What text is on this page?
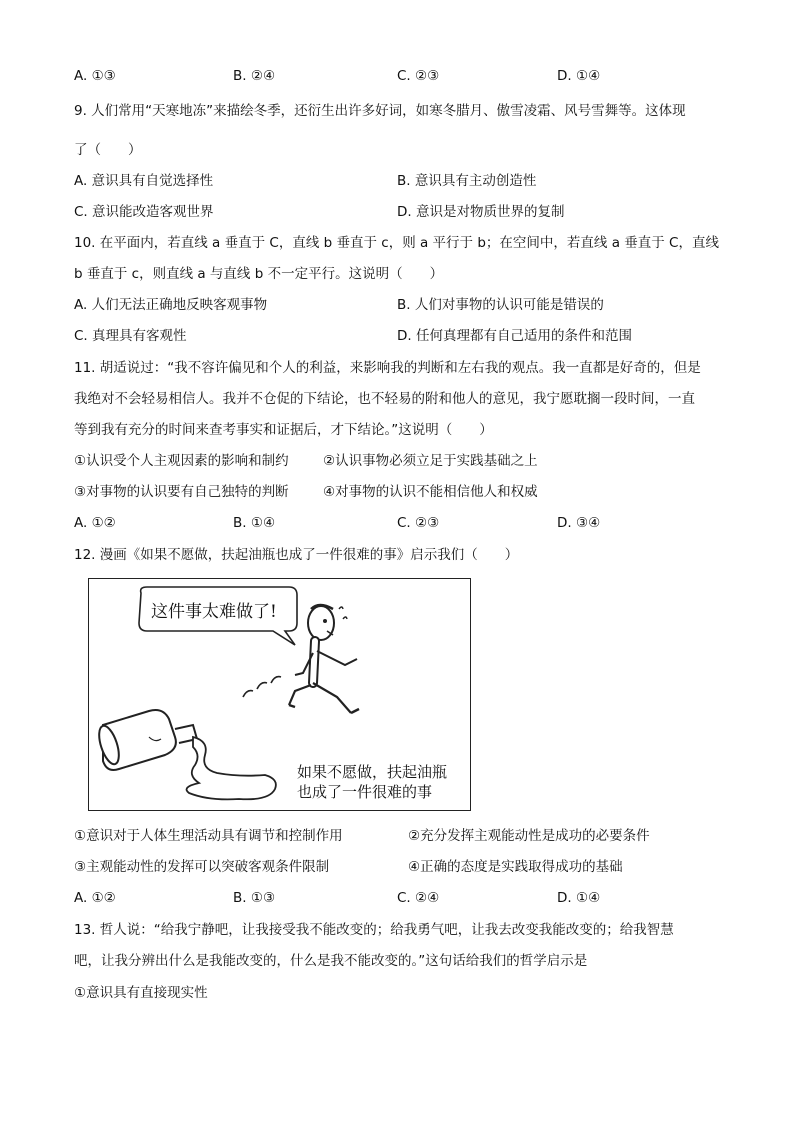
A. ①③	B. ②④	C. ②③	D. ①④
9. 人们常用“天寒地冻”来描绘冬季，还衍生出许多好词，如寒冬腊月、傲雪凌霜、风号雪舞等。这体现
了（　　）
A. 意识具有自觉选择性	B. 意识具有主动创造性
C. 意识能改造客观世界	D. 意识是对物质世界的复制
10. 在平面内，若直线 a 垂直于 C，直线 b 垂直于 c，则 a 平行于 b；在空间中，若直线 a 垂直于 C，直线
b 垂直于 c，则直线 a 与直线 b 不一定平行。这说明（　　）
A. 人们无法正确地反映客观事物	B. 人们对事物的认识可能是错误的
C. 真理具有客观性	D. 任何真理都有自己适用的条件和范围
11. 胡适说过：“我不容许偏见和个人的利益，来影响我的判断和左右我的观点。我一直都是好奇的，但是
我绝对不会轻易相信人。我并不仓促的下结论，也不轻易的附和他人的意见，我宁愿耽搁一段时间，一直
等到我有充分的时间来查考事实和证据后，才下结论。”这说明（　　）
①认识受个人主观因素的影响和制约	②认识事物必须立足于实践基础之上
③对事物的认识要有自己独特的判断	④对事物的认识不能相信他人和权威
A. ①②	B. ①④	C. ②③	D. ③④
12. 漫画《如果不愿做，扶起油瓶也成了一件很难的事》启示我们（　　）
这件事太难做了!
如果不愿做，扶起油瓶
也成了一件很难的事
①意识对于人体生理活动具有调节和控制作用	②充分发挥主观能动性是成功的必要条件
③主观能动性的发挥可以突破客观条件限制	④正确的态度是实践取得成功的基础
A. ①②	B. ①③	C. ②④	D. ①④
13. 哲人说：“给我宁静吧，让我接受我不能改变的；给我勇气吧，让我去改变我能改变的；给我智慧
吧，让我分辨出什么是我能改变的，什么是我不能改变的。”这句话给我们的哲学启示是
①意识具有直接现实性
